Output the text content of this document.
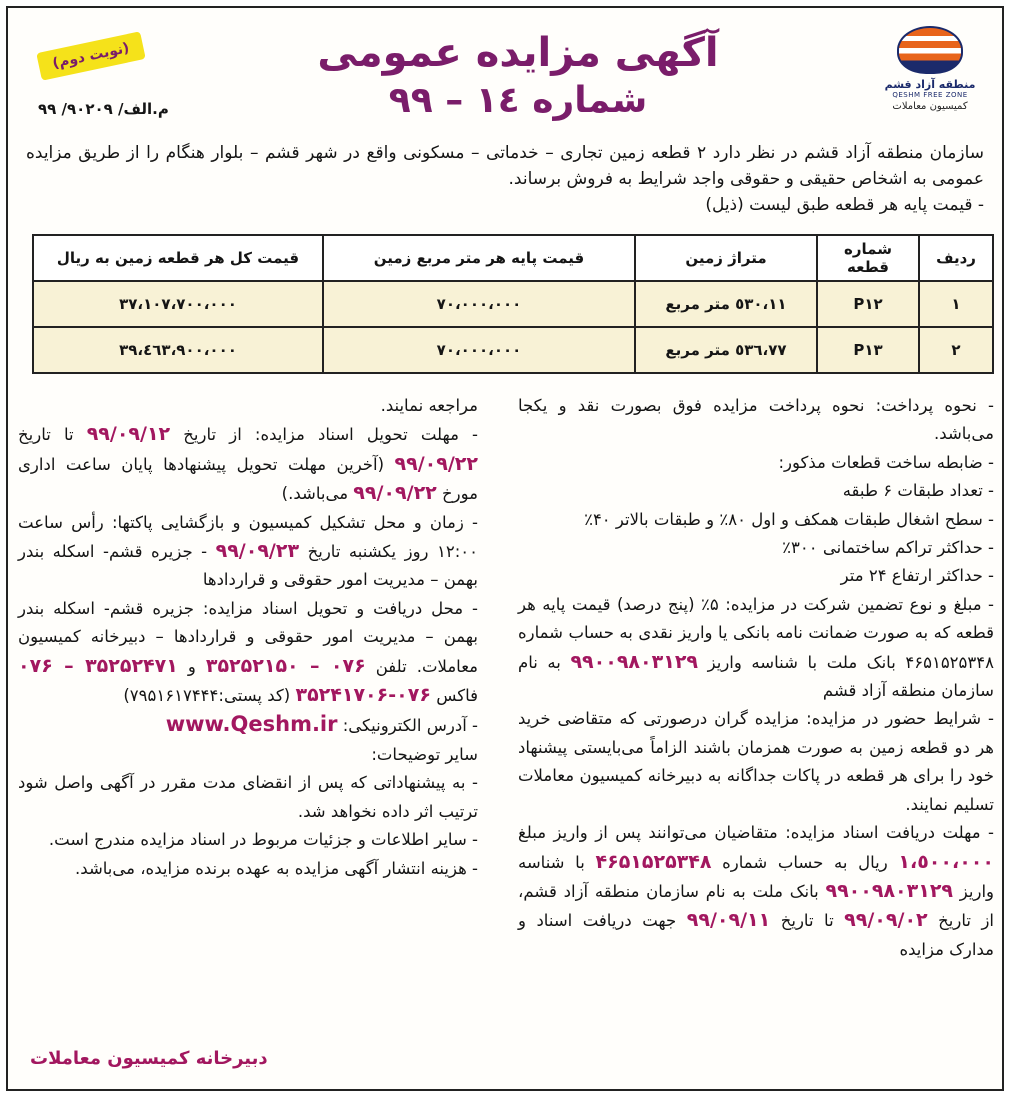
منطقه آزاد قشم
QESHM FREE ZONE
کمیسیون معاملات
آگهی مزایده عمومی
شماره ١٤ – ٩٩
(نوبت دوم)
م.الف/ ٩٠٢٠٩/ ٩٩
سازمان منطقه آزاد قشم در نظر دارد ٢ قطعه زمین تجاری – خدماتی – مسکونی واقع در شهر قشم – بلوار هنگام را از طریق مزایده عمومی به اشخاص حقیقی و حقوقی واجد شرایط به فروش برساند.
- قیمت پایه هر قطعه طبق لیست (ذیل)
ردیف	شماره قطعه	متراژ زمین	قیمت پایه هر متر مربع زمین	قیمت کل هر قطعه زمین به ریال
١	P١٢	٥٣٠،١١ متر مربع	٧٠،٠٠٠،٠٠٠	٣٧،١٠٧،٧٠٠،٠٠٠
٢	P١٣	٥٣٦،٧٧ متر مربع	٧٠،٠٠٠،٠٠٠	٣٩،٤٦٣،٩٠٠،٠٠٠

- نحوه پرداخت: نحوه پرداخت مزایده فوق بصورت نقد و یکجا می‌باشد.

- ضابطه ساخت قطعات مذکور:

- تعداد طبقات ۶ طبقه

- سطح اشغال طبقات همکف و اول ۸۰٪ و طبقات بالاتر ۴۰٪

- حداکثر تراکم ساختمانی ۳۰۰٪

- حداکثر ارتفاع ۲۴ متر

- مبلغ و نوع تضمین شرکت در مزایده: ۵٪ (پنج درصد) قیمت پایه هر قطعه که به صورت ضمانت نامه بانکی یا واریز نقدی به حساب شماره ۴۶۵۱۵۲۵۳۴۸ بانک ملت با شناسه واریز ۹۹۰۰۹۸۰۳۱۲۹ به نام سازمان منطقه آزاد قشم

- شرایط حضور در مزایده: مزایده گران درصورتی که متقاضی خرید هر دو قطعه زمین به صورت همزمان باشند الزاماً می‌بایستی پیشنهاد خود را برای هر قطعه در پاکات جداگانه به دبیرخانه کمیسیون معاملات تسلیم نمایند.

- مهلت دریافت اسناد مزایده: متقاضیان می‌توانند پس از واریز مبلغ ١،٥٠٠،٠٠٠ ریال به حساب شماره ۴۶۵۱۵۲۵۳۴۸ با شناسه واریز ۹۹۰۰۹۸۰۳۱۲۹ بانک ملت به نام سازمان منطقه آزاد قشم، از تاریخ ۹۹/۰۹/۰۲ تا تاریخ ۹۹/۰۹/۱۱ جهت دریافت اسناد و مدارک مزایده

مراجعه نمایند.

- مهلت تحویل اسناد مزایده: از تاریخ ۹۹/۰۹/۱۲ تا تاریخ ۹۹/۰۹/۲۲ (آخرین مهلت تحویل پیشنهادها پایان ساعت اداری مورخ ۹۹/۰۹/۲۲ می‌باشد.)

- زمان و محل تشکیل کمیسیون و بازگشایی پاکتها: رأس ساعت ۱۲:۰۰ روز یکشنبه تاریخ ۹۹/۰۹/۲۳ - جزیره قشم- اسکله بندر بهمن – مدیریت امور حقوقی و قراردادها

- محل دریافت و تحویل اسناد مزایده: جزیره قشم- اسکله بندر بهمن – مدیریت امور حقوقی و قراردادها – دبیرخانه کمیسیون معاملات. تلفن ۰۷۶ – ۳۵۲۵۲۱۵۰ و ۳۵۲۵۲۴۷۱ – ۰۷۶ فاکس ۰۷۶-۳۵۲۴۱۷۰۶ (کد پستی:۷۹۵۱۶۱۷۴۴۴)

- آدرس الکترونیکی: www.Qeshm.ir

سایر توضیحات:

- به پیشنهاداتی که پس از انقضای مدت مقرر در آگهی واصل شود ترتیب اثر داده نخواهد شد.

- سایر اطلاعات و جزئیات مربوط در اسناد مزایده مندرج است.

- هزینه انتشار آگهی مزایده به عهده برنده مزایده، می‌باشد.

دبیرخانه کمیسیون معاملات
